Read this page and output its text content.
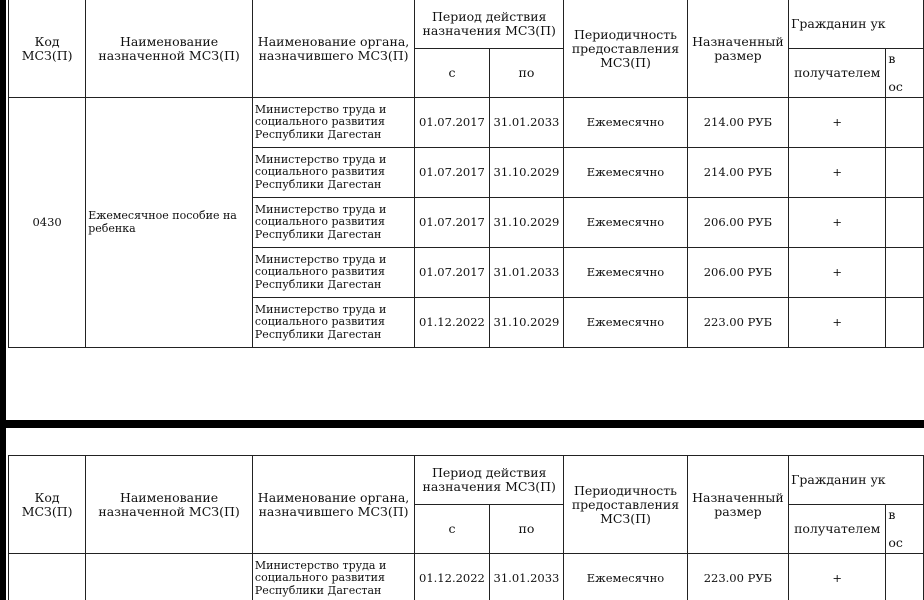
Код МСЗ(П)	Наименование назначенной МСЗ(П)	Наименование органа, назначившего МСЗ(П)	Период действия назначения МСЗ(П)		Периодичность предоставления МСЗ(П)	Назначенный размер	Гражданин ук	
			с	по			получателем	в

ос
0430	Ежемесячное пособие на ребенка	Министерство труда и социального развития Республики Дагестан	01.07.2017	31.01.2033	Ежемесячно	214.00 РУБ	+	
		Министерство труда и социального развития Республики Дагестан	01.07.2017	31.10.2029	Ежемесячно	214.00 РУБ	+	
		Министерство труда и социального развития Республики Дагестан	01.07.2017	31.10.2029	Ежемесячно	206.00 РУБ	+	
		Министерство труда и социального развития Республики Дагестан	01.07.2017	31.01.2033	Ежемесячно	206.00 РУБ	+	
		Министерство труда и социального развития Республики Дагестан	01.12.2022	31.10.2029	Ежемесячно	223.00 РУБ	+	
Код МСЗ(П)	Наименование назначенной МСЗ(П)	Наименование органа, назначившего МСЗ(П)	Период действия назначения МСЗ(П)		Периодичность предоставления МСЗ(П)	Назначенный размер	Гражданин ук	
			с	по			получателем	в

ос
		Министерство труда и социального развития Республики Дагестан	01.12.2022	31.01.2033	Ежемесячно	223.00 РУБ	+	
